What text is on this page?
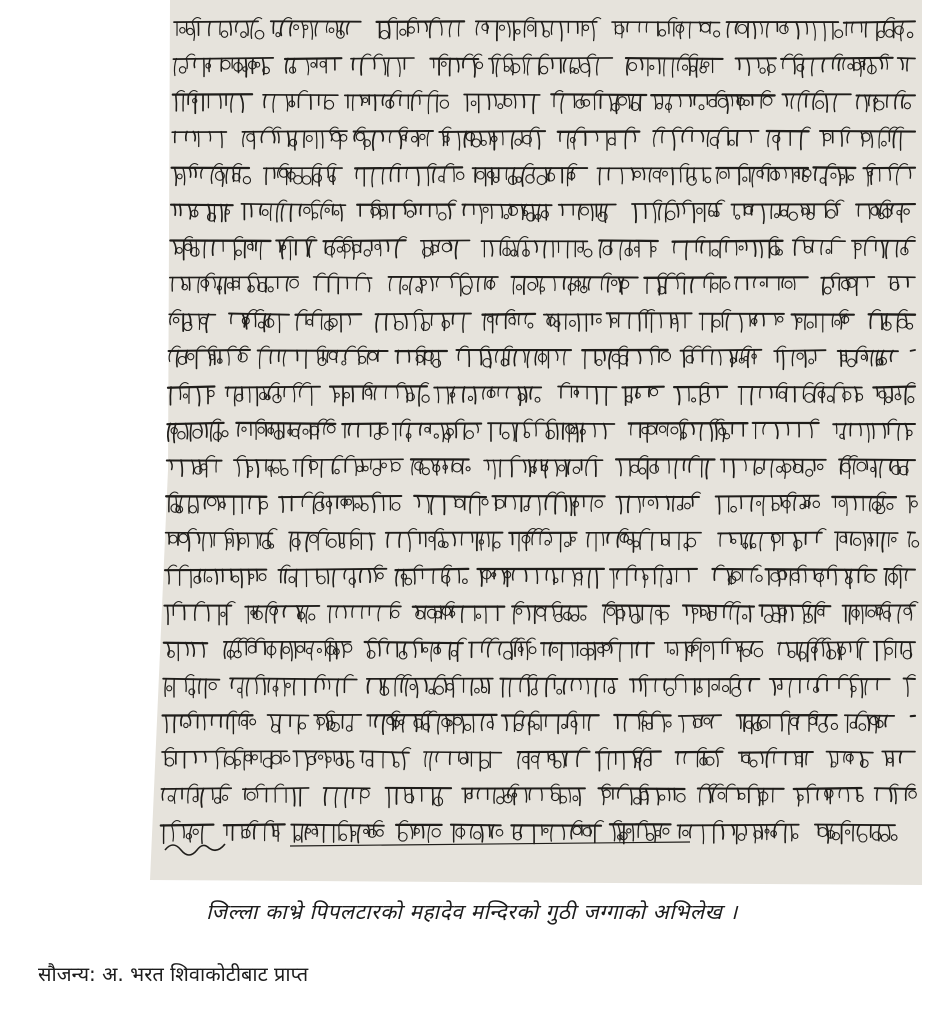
जिल्ला काभ्रे पिपलटारको महादेव मन्दिरको गुठी जग्गाको अभिलेख ।
सौजन्य: अ. भरत शिवाकोटीबाट प्राप्त
